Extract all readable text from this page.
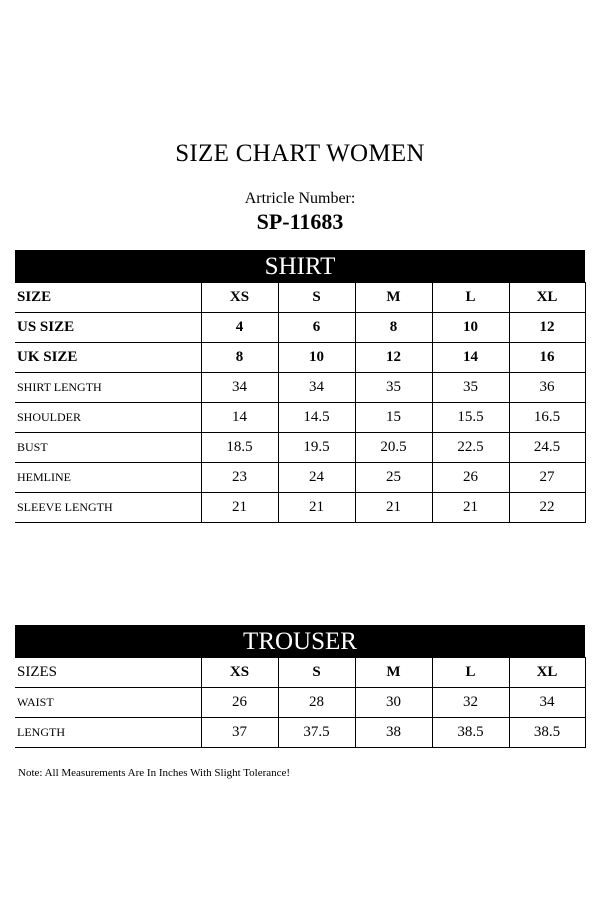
SIZE CHART WOMEN
Artricle Number:
SP-11683
SHIRT
SIZE	XS	S	M	L	XL
US SIZE	4	6	8	10	12
UK SIZE	8	10	12	14	16
SHIRT LENGTH	34	34	35	35	36
SHOULDER	14	14.5	15	15.5	16.5
BUST	18.5	19.5	20.5	22.5	24.5
HEMLINE	23	24	25	26	27
SLEEVE LENGTH	21	21	21	21	22
TROUSER
SIZES	XS	S	M	L	XL
WAIST	26	28	30	32	34
LENGTH	37	37.5	38	38.5	38.5
Note: All Measurements Are In Inches With Slight Tolerance!
